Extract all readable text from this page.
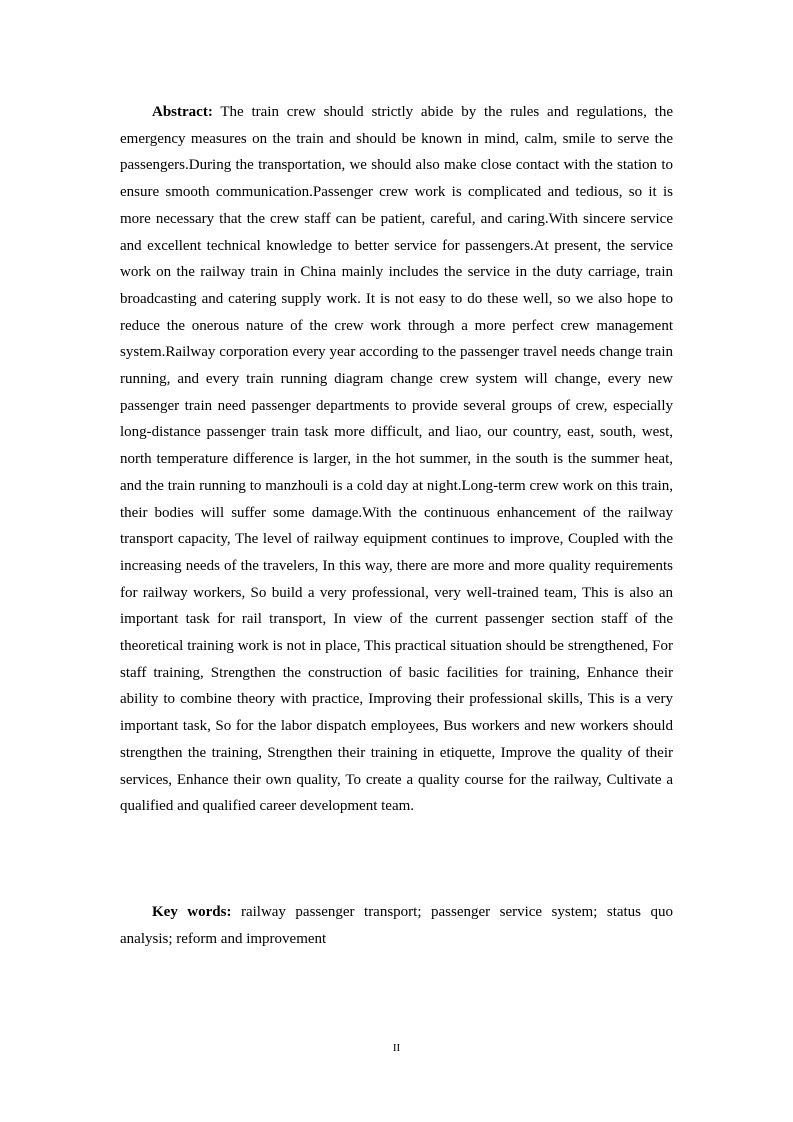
Abstract: The train crew should strictly abide by the rules and regulations, the emergency measures on the train and should be known in mind, calm, smile to serve the passengers.During the transportation, we should also make close contact with the station to ensure smooth communication.Passenger crew work is complicated and tedious, so it is more necessary that the crew staff can be patient, careful, and caring.With sincere service and excellent technical knowledge to better service for passengers.At present, the service work on the railway train in China mainly includes the service in the duty carriage, train broadcasting and catering supply work. It is not easy to do these well, so we also hope to reduce the onerous nature of the crew work through a more perfect crew management system.Railway corporation every year according to the passenger travel needs change train running, and every train running diagram change crew system will change, every new passenger train need passenger departments to provide several groups of crew, especially long-distance passenger train task more difficult, and liao, our country, east, south, west, north temperature difference is larger, in the hot summer, in the south is the summer heat, and the train running to manzhouli is a cold day at night.Long-term crew work on this train, their bodies will suffer some damage.With the continuous enhancement of the railway transport capacity, The level of railway equipment continues to improve, Coupled with the increasing needs of the travelers, In this way, there are more and more quality requirements for railway workers, So build a very professional, very well-trained team, This is also an important task for rail transport, In view of the current passenger section staff of the theoretical training work is not in place, This practical situation should be strengthened, For staff training, Strengthen the construction of basic facilities for training, Enhance their ability to combine theory with practice, Improving their professional skills, This is a very important task, So for the labor dispatch employees, Bus workers and new workers should strengthen the training, Strengthen their training in etiquette, Improve the quality of their services, Enhance their own quality, To create a quality course for the railway, Cultivate a qualified and qualified career development team.

Key words: railway passenger transport; passenger service system; status quo analysis; reform and improvement

II
